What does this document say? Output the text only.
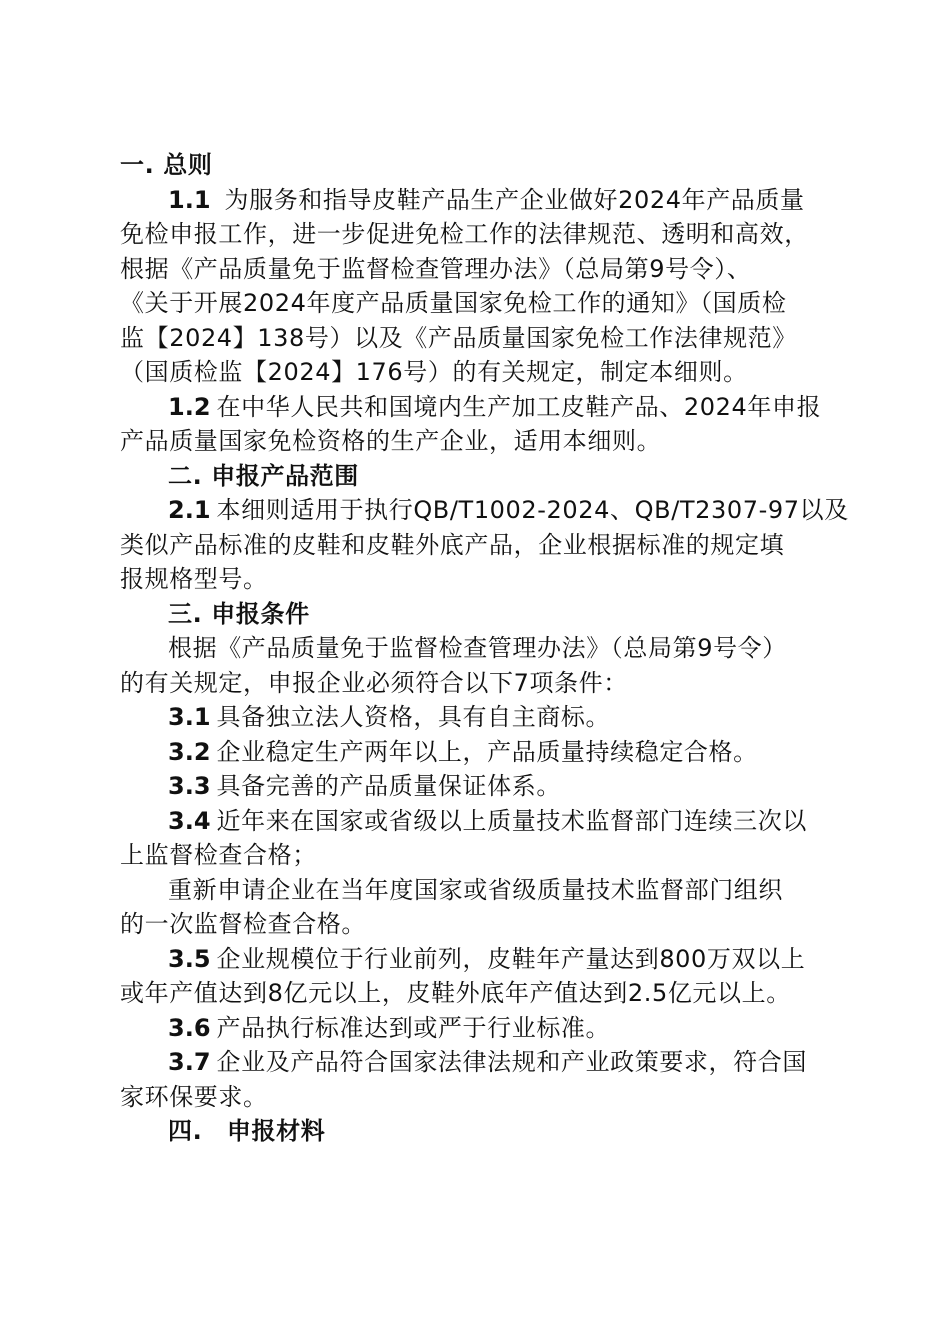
一. 总则
1.1 为服务和指导皮鞋产品生产企业做好2024年产品质量
免检申报工作，进一步促进免检工作的法律规范、透明和高效，
根据《产品质量免于监督检查管理办法》（总局第9号令）、
《关于开展2024年度产品质量国家免检工作的通知》（国质检
监【2024】138号）以及《产品质量国家免检工作法律规范》
（国质检监【2024】176号）的有关规定，制定本细则。
1.2 在中华人民共和国境内生产加工皮鞋产品、2024年申报
产品质量国家免检资格的生产企业，适用本细则。
二. 申报产品范围
2.1 本细则适用于执行QB/T1002-2024、QB/T2307-97以及
类似产品标准的皮鞋和皮鞋外底产品，企业根据标准的规定填
报规格型号。
三. 申报条件
根据《产品质量免于监督检查管理办法》（总局第9号令）
的有关规定，申报企业必须符合以下7项条件：
3.1 具备独立法人资格，具有自主商标。
3.2 企业稳定生产两年以上，产品质量持续稳定合格。
3.3 具备完善的产品质量保证体系。
3.4 近年来在国家或省级以上质量技术监督部门连续三次以
上监督检查合格；
重新申请企业在当年度国家或省级质量技术监督部门组织
的一次监督检查合格。
3.5 企业规模位于行业前列，皮鞋年产量达到800万双以上
或年产值达到8亿元以上，皮鞋外底年产值达到2.5亿元以上。
3.6 产品执行标准达到或严于行业标准。
3.7 企业及产品符合国家法律法规和产业政策要求，符合国
家环保要求。
四.　申报材料
